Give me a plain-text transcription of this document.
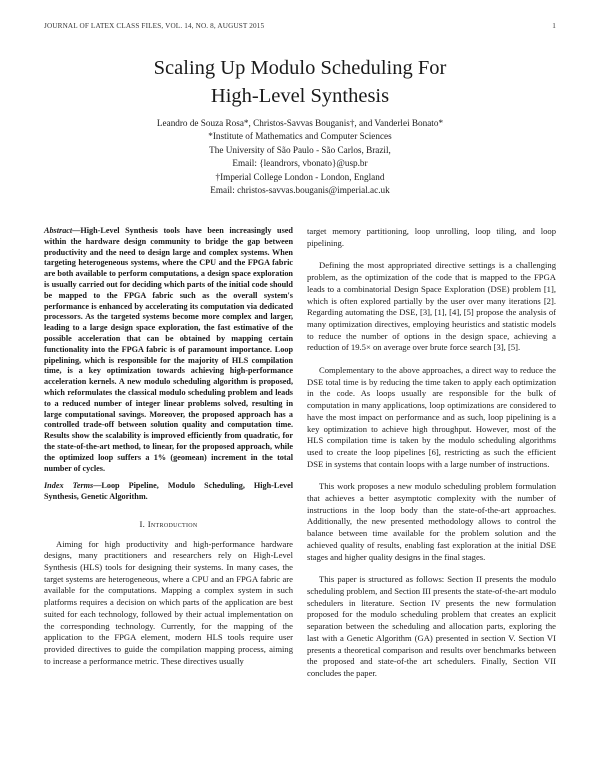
JOURNAL OF LATEX CLASS FILES, VOL. 14, NO. 8, AUGUST 2015	1
Scaling Up Modulo Scheduling For
High-Level Synthesis
Leandro de Souza Rosa*, Christos-Savvas Bouganis†, and Vanderlei Bonato*
*Institute of Mathematics and Computer Sciences
The University of São Paulo - São Carlos, Brazil,
Email: {leandrors, vbonato}@usp.br
†Imperial College London - London, England
Email: christos-savvas.bouganis@imperial.ac.uk
Abstract—High-Level Synthesis tools have been increasingly used within the hardware design community to bridge the gap between productivity and the need to design large and complex systems. When targeting heterogeneous systems, where the CPU and the FPGA fabric are both available to perform computations, a design space exploration is usually carried out for deciding which parts of the initial code should be mapped to the FPGA fabric such as the overall system's performance is enhanced by accelerating its computation via dedicated processors. As the targeted systems become more complex and larger, leading to a large design space exploration, the fast estimative of the possible acceleration that can be obtained by mapping certain functionality into the FPGA fabric is of paramount importance. Loop pipelining, which is responsible for the majority of HLS compilation time, is a key optimization towards achieving high-performance acceleration kernels. A new modulo scheduling algorithm is proposed, which reformulates the classical modulo scheduling problem and leads to a reduced number of integer linear problems solved, resulting in large computational savings. Moreover, the proposed approach has a controlled trade-off between solution quality and computation time. Results show the scalability is improved efficiently from quadratic, for the state-of-the-art method, to linear, for the proposed approach, while the optimized loop suffers a 1% (geomean) increment in the total number of cycles.
Index Terms—Loop Pipeline, Modulo Scheduling, High-Level Synthesis, Genetic Algorithm.
I. Introduction

Aiming for high productivity and high-performance hardware designs, many practitioners and researchers rely on High-Level Synthesis (HLS) tools for designing their systems. In many cases, the target systems are heterogeneous, where a CPU and an FPGA fabric are available for the computations. Mapping a complex system in such platforms requires a decision on which parts of the application are best suited for each technology, followed by their actual implementation on the corresponding technology. Currently, for the mapping of the application to the FPGA element, modern HLS tools require user provided directives to guide the compilation mapping process, aiming to increase a performance metric. These directives usually

target memory partitioning, loop unrolling, loop tiling, and loop pipelining.

Defining the most appropriated directive settings is a challenging problem, as the optimization of the code that is mapped to the FPGA leads to a combinatorial Design Space Exploration (DSE) problem [1], which is often explored partially by the user over many iterations [2]. Regarding automating the DSE, [3], [1], [4], [5] propose the analysis of many optimization directives, employing heuristics and statistic models to reduce the number of options in the design space, achieving a reduction of 19.5× on average over brute force search [3], [5].

Complementary to the above approaches, a direct way to reduce the DSE total time is by reducing the time taken to apply each optimization in the code. As loops usually are responsible for the bulk of computation in many applications, loop optimizations are considered to have the most impact on performance and as such, loop pipelining is a key optimization to achieve high throughput. However, most of the HLS compilation time is taken by the modulo scheduling algorithms used to create the loop pipelines [6], restricting as such the efficient DSE in systems that contain loops with a large number of instructions.

This work proposes a new modulo scheduling problem formulation that achieves a better asymptotic complexity with the number of instructions in the loop body than the state-of-the-art approaches. Additionally, the new presented methodology allows to control the balance between time available for the problem solution and the achieved quality of results, enabling fast exploration at the initial DSE stages and higher quality designs in the final stages.

This paper is structured as follows: Section II presents the modulo scheduling problem, and Section III presents the state-of-the-art modulo schedulers in literature. Section IV presents the new formulation proposed for the modulo scheduling problem that creates an explicit separation between the scheduling and allocation parts, exploring the last with a Genetic Algorithm (GA) presented in section V. Section VI presents a theoretical comparison and results over benchmarks between the proposed and state-of-the art schedulers. Finally, Section VII concludes the paper.
